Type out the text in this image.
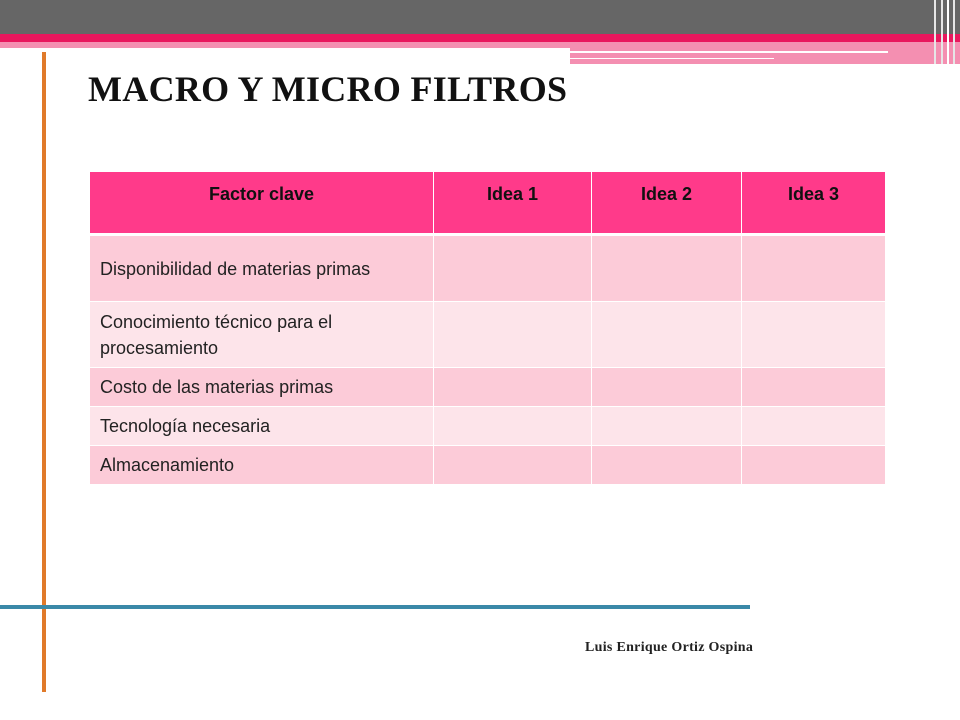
MACRO Y MICRO FILTROS
Factor clave	Idea 1	Idea 2	Idea 3
Disponibilidad de materias primas			
Conocimiento técnico para el procesamiento			
Costo de las materias primas			
Tecnología necesaria			
Almacenamiento			
Luis Enrique Ortiz Ospina
